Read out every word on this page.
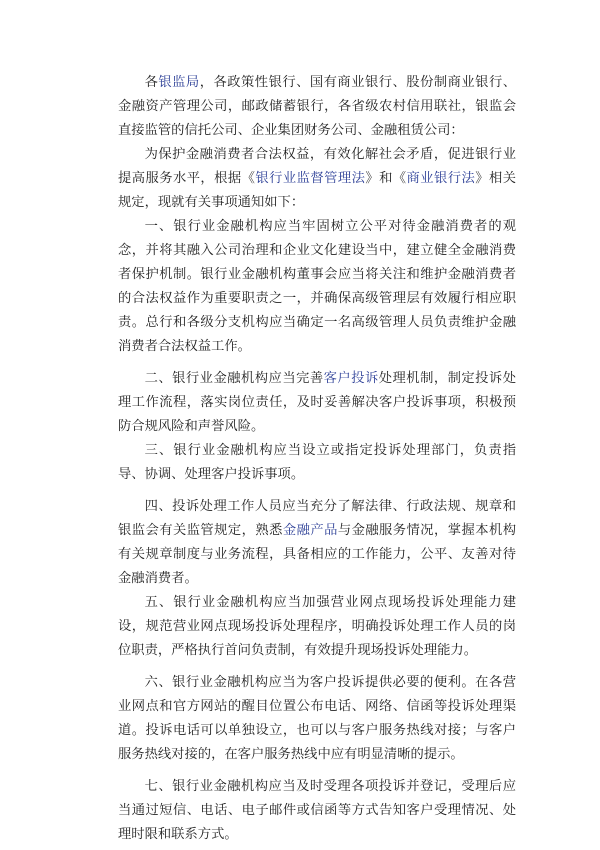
各银监局，各政策性银行、国有商业银行、股份制商业银行、金融资产管理公司，邮政储蓄银行，各省级农村信用联社，银监会直接监管的信托公司、企业集团财务公司、金融租赁公司：

为保护金融消费者合法权益，有效化解社会矛盾，促进银行业提高服务水平，根据《银行业监督管理法》和《商业银行法》相关规定，现就有关事项通知如下：

一、银行业金融机构应当牢固树立公平对待金融消费者的观念，并将其融入公司治理和企业文化建设当中，建立健全金融消费者保护机制。银行业金融机构董事会应当将关注和维护金融消费者的合法权益作为重要职责之一，并确保高级管理层有效履行相应职责。总行和各级分支机构应当确定一名高级管理人员负责维护金融消费者合法权益工作。

二、银行业金融机构应当完善客户投诉处理机制，制定投诉处理工作流程，落实岗位责任，及时妥善解决客户投诉事项，积极预防合规风险和声誉风险。

三、银行业金融机构应当设立或指定投诉处理部门，负责指导、协调、处理客户投诉事项。

四、投诉处理工作人员应当充分了解法律、行政法规、规章和银监会有关监管规定，熟悉金融产品与金融服务情况，掌握本机构有关规章制度与业务流程，具备相应的工作能力，公平、友善对待金融消费者。

五、银行业金融机构应当加强营业网点现场投诉处理能力建设，规范营业网点现场投诉处理程序，明确投诉处理工作人员的岗位职责，严格执行首问负责制，有效提升现场投诉处理能力。

六、银行业金融机构应当为客户投诉提供必要的便利。在各营业网点和官方网站的醒目位置公布电话、网络、信函等投诉处理渠道。投诉电话可以单独设立，也可以与客户服务热线对接；与客户服务热线对接的，在客户服务热线中应有明显清晰的提示。

七、银行业金融机构应当及时受理各项投诉并登记，受理后应当通过短信、电话、电子邮件或信函等方式告知客户受理情况、处理时限和联系方式。
